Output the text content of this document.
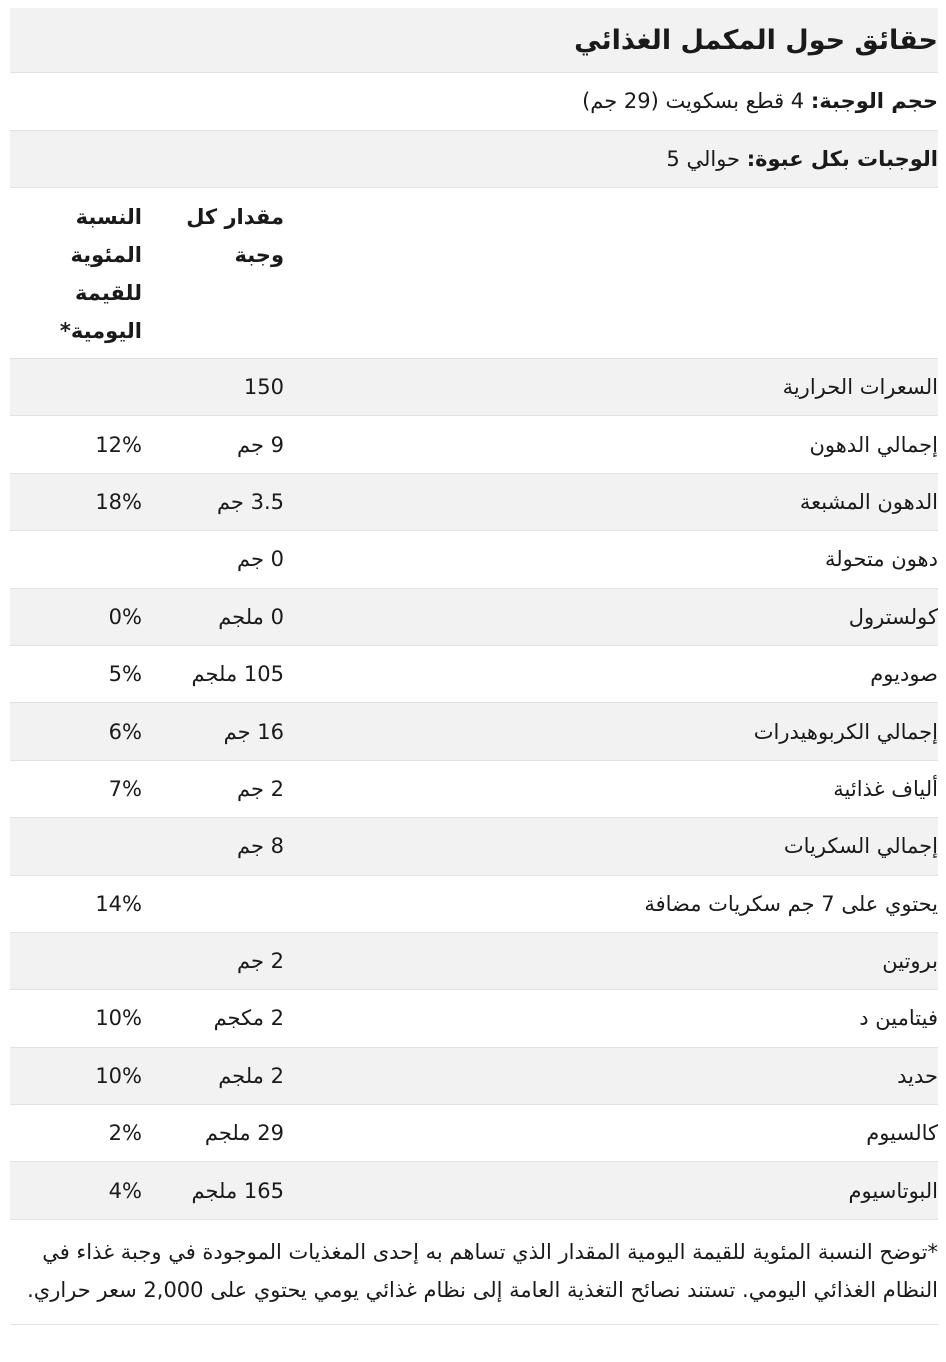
حقائق حول المكمل الغذائي
حجم الوجبة: 4 قطع بسكويت (29 جم)
الوجبات بكل عبوة: حوالي 5
مقدار كل وجبة
النسبة المئوية للقيمة اليومية*
السعرات الحرارية
150
إجمالي الدهون
9 جم
12%
الدهون المشبعة
3.5 جم
18%
دهون متحولة
0 جم
كولسترول
0 ملجم
0%
صوديوم
105 ملجم
5%
إجمالي الكربوهيدرات
16 جم
6%
ألياف غذائية
2 جم
7%
إجمالي السكريات
8 جم
يحتوي على 7 جم سكريات مضافة
14%
بروتين
2 جم
فيتامين د
2 مكجم
10%
حديد
2 ملجم
10%
كالسيوم
29 ملجم
2%
البوتاسيوم
165 ملجم
4%
*توضح النسبة المئوية للقيمة اليومية المقدار الذي تساهم به إحدى المغذيات الموجودة في وجبة غذاء في النظام الغذائي اليومي. تستند نصائح التغذية العامة إلى نظام غذائي يومي يحتوي على 2,000 سعر حراري.
